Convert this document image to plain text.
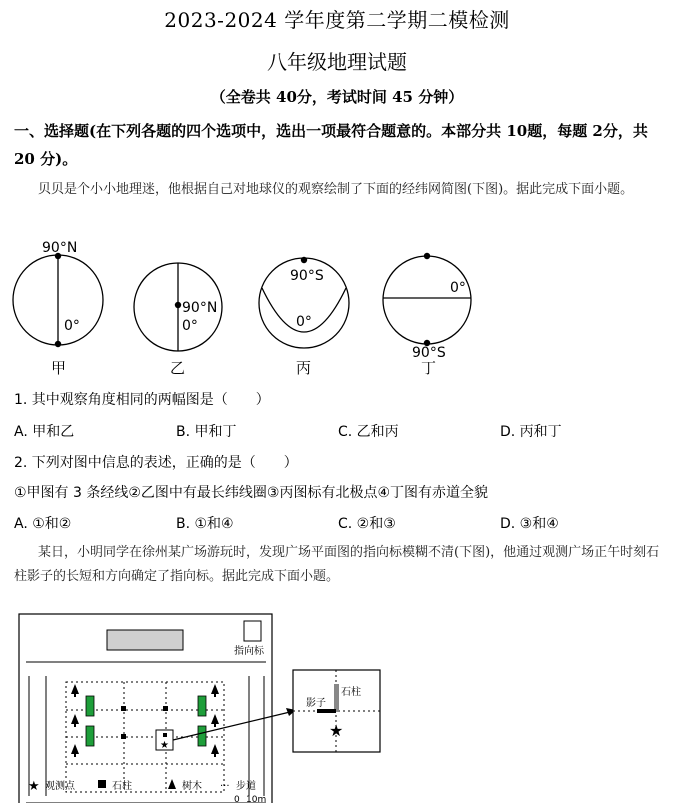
2023-2024 学年度第二学期二模检测
八年级地理试题
（全卷共 40分，考试时间 45 分钟）
一、选择题(在下列各题的四个选项中，选出一项最符合题意的。本部分共 10题，每题 2分，共 20 分)。
贝贝是个小小地理迷，他根据自己对地球仪的观察绘制了下面的经纬网简图(下图)。据此完成下面小题。
90°N
0°
甲
90°N
0°
乙
90°S
0°
丙
0°
90°S
丁
1. 其中观察角度相同的两幅图是（　　）
A. 甲和乙	B. 甲和丁	C. 乙和丙	D. 丙和丁
2. 下列对图中信息的表述，正确的是（　　）
①甲图有 3 条经线②乙图中有最长纬线圈③丙图标有北极点④丁图有赤道全貌
A. ①和②	B. ①和④	C. ②和③	D. ③和④
某日，小明同学在徐州某广场游玩时，发现广场平面图的指向标模糊不清(下图)，他通过观测广场正午时刻石柱影子的长短和方向确定了指向标。据此完成下面小题。
指向标
★
影子
石柱
★
★ 观测点	石柱	树木 ··· 步道
0 10m
